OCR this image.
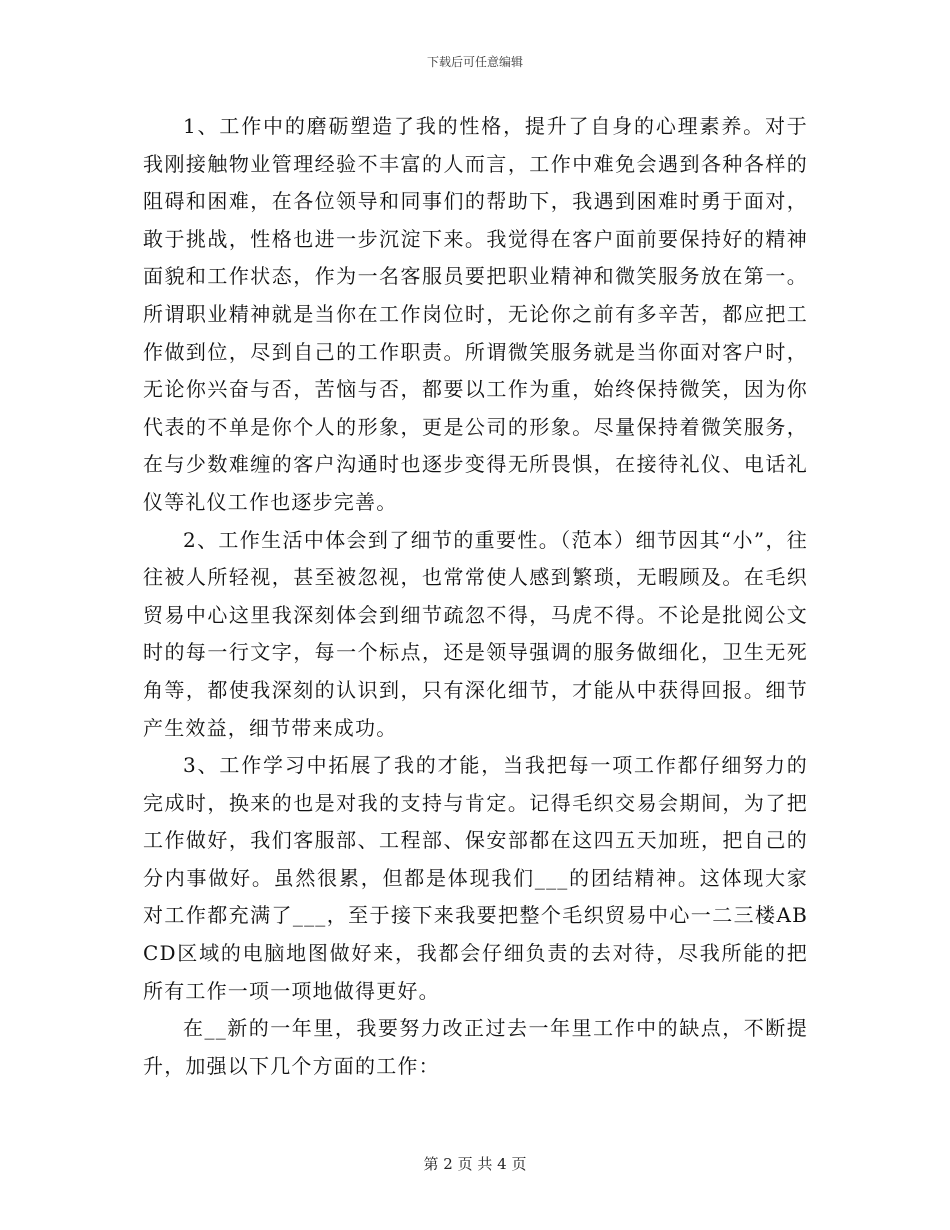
下载后可任意编辑

1、工作中的磨砺塑造了我的性格，提升了自身的心理素养。对于我刚接触物业管理经验不丰富的人而言，工作中难免会遇到各种各样的阻碍和困难，在各位领导和同事们的帮助下，我遇到困难时勇于面对，敢于挑战，性格也进一步沉淀下来。我觉得在客户面前要保持好的精神面貌和工作状态，作为一名客服员要把职业精神和微笑服务放在第一。所谓职业精神就是当你在工作岗位时，无论你之前有多辛苦，都应把工作做到位，尽到自己的工作职责。所谓微笑服务就是当你面对客户时，无论你兴奋与否，苦恼与否，都要以工作为重，始终保持微笑，因为你代表的不单是你个人的形象，更是公司的形象。尽量保持着微笑服务，在与少数难缠的客户沟通时也逐步变得无所畏惧，在接待礼仪、电话礼仪等礼仪工作也逐步完善。

2、工作生活中体会到了细节的重要性。（范本）细节因其“小”，往往被人所轻视，甚至被忽视，也常常使人感到繁琐，无暇顾及。在毛织贸易中心这里我深刻体会到细节疏忽不得，马虎不得。不论是批阅公文时的每一行文字，每一个标点，还是领导强调的服务做细化，卫生无死角等，都使我深刻的认识到，只有深化细节，才能从中获得回报。细节产生效益，细节带来成功。

3、工作学习中拓展了我的才能，当我把每一项工作都仔细努力的完成时，换来的也是对我的支持与肯定。记得毛织交易会期间，为了把工作做好，我们客服部、工程部、保安部都在这四五天加班，把自己的分内事做好。虽然很累，但都是体现我们___的团结精神。这体现大家对工作都充满了___，至于接下来我要把整个毛织贸易中心一二三楼ABCD区域的电脑地图做好来，我都会仔细负责的去对待，尽我所能的把所有工作一项一项地做得更好。

在__新的一年里，我要努力改正过去一年里工作中的缺点，不断提升，加强以下几个方面的工作：

第 2 页 共 4 页
